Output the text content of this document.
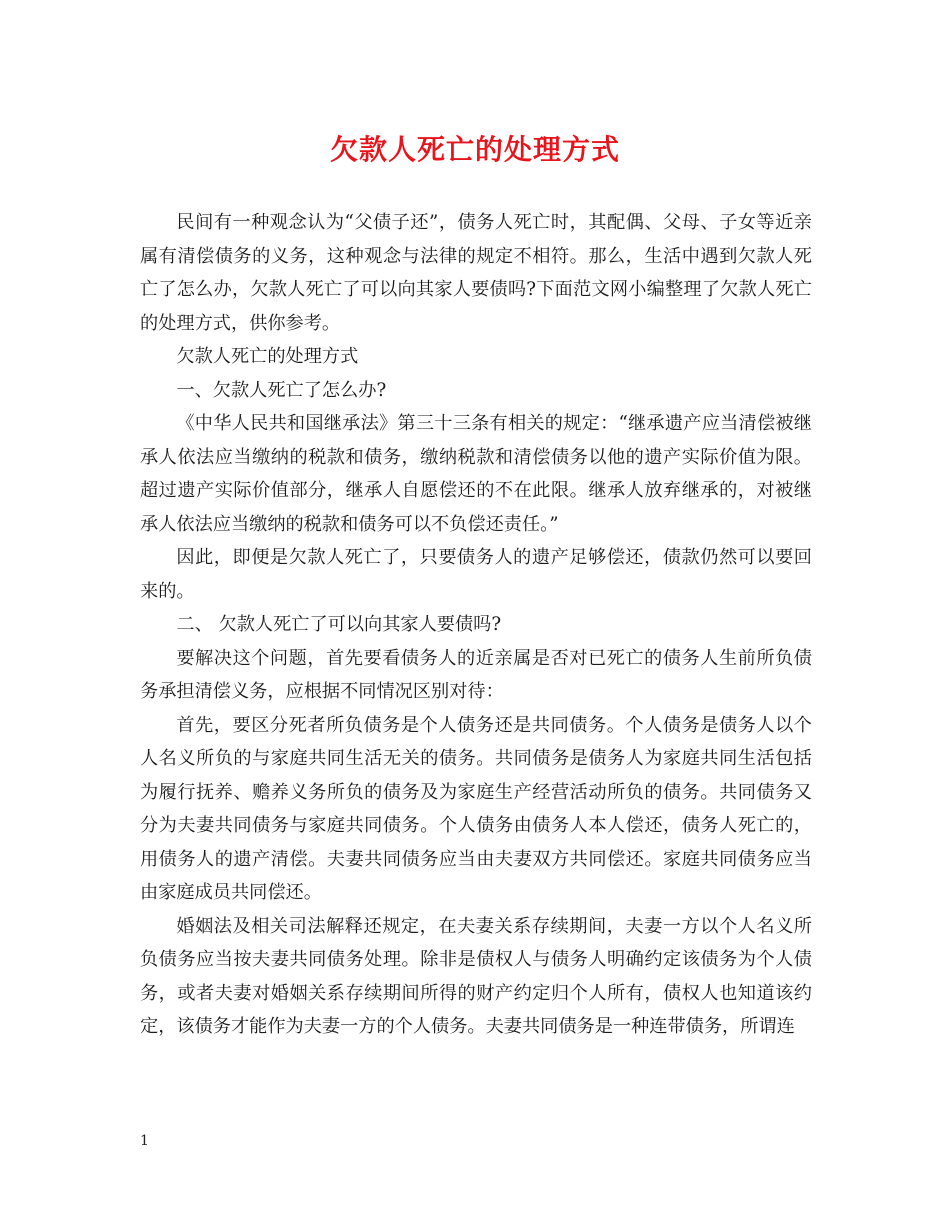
欠款人死亡的处理方式

民间有一种观念认为“父债子还”，债务人死亡时，其配偶、父母、子女等近亲属有清偿债务的义务，这种观念与法律的规定不相符。那么，生活中遇到欠款人死亡了怎么办，欠款人死亡了可以向其家人要债吗?下面范文网小编整理了欠款人死亡的处理方式，供你参考。

欠款人死亡的处理方式

一、欠款人死亡了怎么办?

《中华人民共和国继承法》第三十三条有相关的规定：“继承遗产应当清偿被继承人依法应当缴纳的税款和债务，缴纳税款和清偿债务以他的遗产实际价值为限。超过遗产实际价值部分，继承人自愿偿还的不在此限。继承人放弃继承的，对被继承人依法应当缴纳的税款和债务可以不负偿还责任。”

因此，即便是欠款人死亡了，只要债务人的遗产足够偿还，债款仍然可以要回来的。

二、 欠款人死亡了可以向其家人要债吗?

要解决这个问题，首先要看债务人的近亲属是否对已死亡的债务人生前所负债务承担清偿义务，应根据不同情况区别对待：

首先，要区分死者所负债务是个人债务还是共同债务。个人债务是债务人以个人名义所负的与家庭共同生活无关的债务。共同债务是债务人为家庭共同生活包括为履行抚养、赡养义务所负的债务及为家庭生产经营活动所负的债务。共同债务又分为夫妻共同债务与家庭共同债务。个人债务由债务人本人偿还，债务人死亡的，用债务人的遗产清偿。夫妻共同债务应当由夫妻双方共同偿还。家庭共同债务应当由家庭成员共同偿还。

婚姻法及相关司法解释还规定，在夫妻关系存续期间，夫妻一方以个人名义所负债务应当按夫妻共同债务处理。除非是债权人与债务人明确约定该债务为个人债务，或者夫妻对婚姻关系存续期间所得的财产约定归个人所有，债权人也知道该约定，该债务才能作为夫妻一方的个人债务。夫妻共同债务是一种连带债务，所谓连

1
